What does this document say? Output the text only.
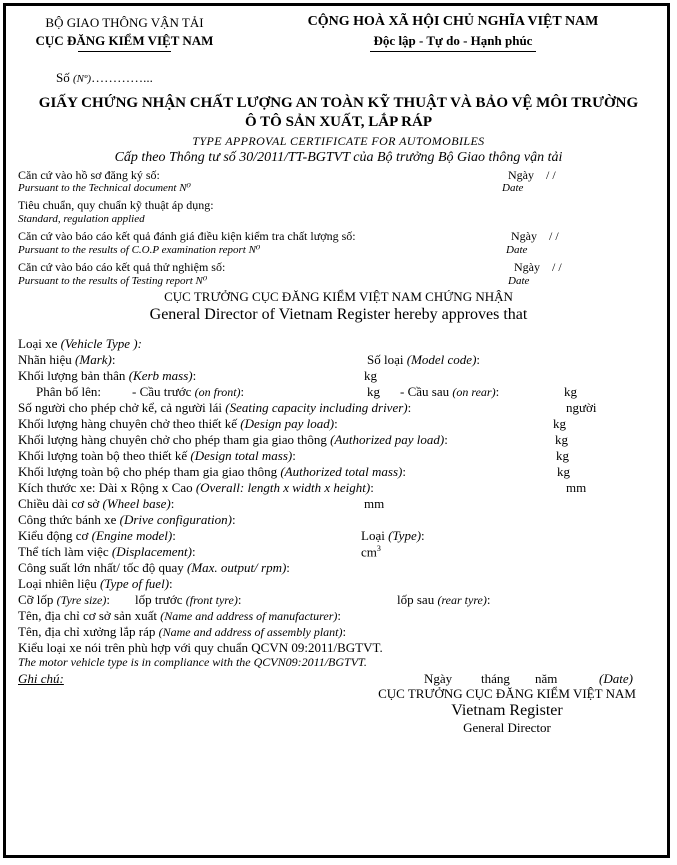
BỘ GIAO THÔNG VẬN TẢI
CỤC ĐĂNG KIỂM VIỆT NAM
CỘNG HOÀ XÃ HỘI CHỦ NGHĨA VIỆT NAM
Độc lập - Tự do - Hạnh phúc
Số (Nº)…………...
GIẤY CHỨNG NHẬN CHẤT LƯỢNG AN TOÀN KỸ THUẬT VÀ BẢO VỆ MÔI TRƯỜNG
Ô TÔ SẢN XUẤT, LẮP RÁP
TYPE APPROVAL CERTIFICATE FOR AUTOMOBILES
Cấp theo Thông tư số 30/2011/TT-BGTVT của Bộ trưởng Bộ Giao thông vận tải
Căn cứ vào hồ sơ đăng ký số:	Ngày / /
Pursuant to the Technical document N⁰	Date
Tiêu chuẩn, quy chuẩn kỹ thuật áp dụng:
Standard, regulation applied
Căn cứ vào báo cáo kết quả đánh giá điều kiện kiểm tra chất lượng số:	Ngày / /
Pursuant to the results of C.O.P examination report N⁰	Date
Căn cứ vào báo cáo kết quả thử nghiệm số:	Ngày / /
Pursuant to the results of Testing report N⁰	Date
CỤC TRƯỞNG CỤC ĐĂNG KIỂM VIỆT NAM CHỨNG NHẬN
General Director of Vietnam Register hereby approves that
Loại xe (Vehicle Type ):
Nhãn hiệu (Mark):	Số loại (Model code):
Khối lượng bản thân (Kerb mass):	kg
Phân bố lên: - Cầu trước (on front):	kg - Cầu sau (on rear):	kg
Số người cho phép chở kể, cả người lái (Seating capacity including driver):	người
Khối lượng hàng chuyên chở theo thiết kế (Design pay load):	kg
Khối lượng hàng chuyên chở cho phép tham gia giao thông (Authorized pay load):	kg
Khối lượng toàn bộ theo thiết kế (Design total mass):	kg
Khối lượng toàn bộ cho phép tham gia giao thông (Authorized total mass):	kg
Kích thước xe: Dài x Rộng x Cao (Overall: length x width x height):	mm
Chiều dài cơ sở (Wheel base):	mm
Công thức bánh xe (Drive configuration):
Kiểu động cơ (Engine model):	Loại (Type):
Thể tích làm việc (Displacement):	$cm^3$
Công suất lớn nhất/ tốc độ quay (Max. output/ rpm):
Loại nhiên liệu (Type of fuel):
Cỡ lốp (Tyre size): lốp trước (front tyre):	lốp sau (rear tyre):
Tên, địa chỉ cơ sở sản xuất (Name and address of manufacturer):
Tên, địa chỉ xưởng lắp ráp (Name and address of assembly plant):
Kiểu loại xe nói trên phù hợp với quy chuẩn QCVN 09:2011/BGTVT.
The motor vehicle type is in compliance with the QCVN09:2011/BGTVT.
Ghi chú:	Ngày tháng năm	(Date)
CỤC TRƯỞNG CỤC ĐĂNG KIỂM VIỆT NAM
Vietnam Register
General Director
